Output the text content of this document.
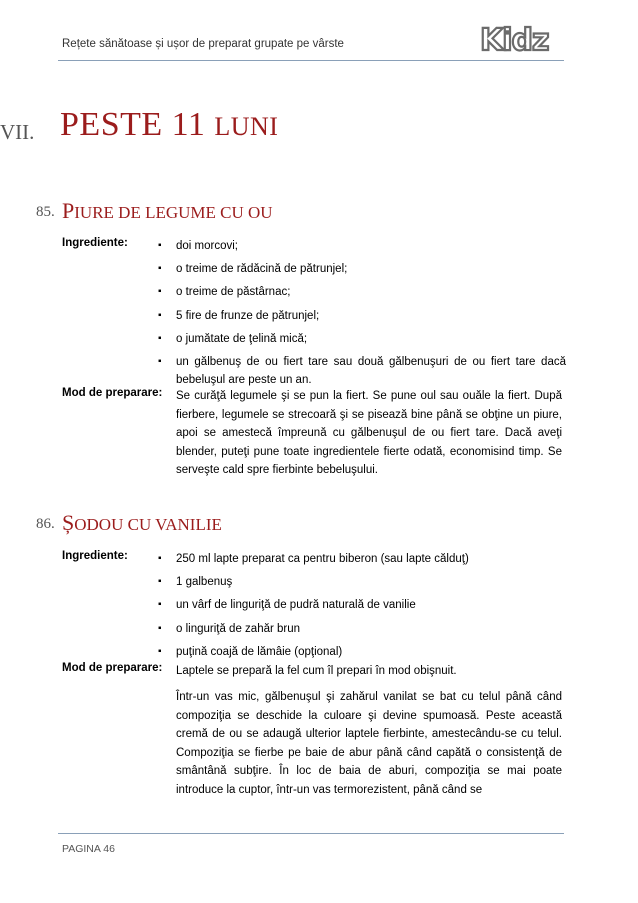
Rețete sănătoase și ușor de preparat grupate pe vârste	Kidz
VII. PESTE 11 LUNI
85. PIURE DE LEGUME CU OU
Ingrediente:	▪ doi morcovi;
▪ o treime de rădăcină de pătrunjel;
▪ o treime de păstârnac;
▪ 5 fire de frunze de pătrunjel;
▪ o jumătate de ţelină mică;
▪ un gălbenuş de ou fiert tare sau două gălbenuşuri de ou fiert tare dacă bebeluşul are peste un an.
Mod de preparare: Se curăţă legumele şi se pun la fiert. Se pune oul sau ouăle la fiert. După fierbere, legumele se strecoară şi se pisează bine până se obţine un piure, apoi se amestecă împreună cu gălbenuşul de ou fiert tare. Dacă aveţi blender, puteţi pune toate ingredientele fierte odată, economisind timp. Se serveşte cald spre fierbinte bebeluşului.
86. ȘODOU CU VANILIE
Ingrediente:	▪ 250 ml lapte preparat ca pentru biberon (sau lapte călduţ)
▪ 1 galbenuş
▪ un vârf de linguriţă de pudră naturală de vanilie
▪ o linguriţă de zahăr brun
▪ puţină coajă de lămâie (opţional)
Mod de preparare: Laptele se prepară la fel cum îl prepari în mod obişnuit.
Într-un vas mic, gălbenuşul şi zahărul vanilat se bat cu telul până când compoziţia se deschide la culoare şi devine spumoasă. Peste această cremă de ou se adaugă ulterior laptele fierbinte, amestecându-se cu telul. Compoziţia se fierbe pe baie de abur până când capătă o consistenţă de smântână subţire. În loc de baia de aburi, compoziţia se mai poate introduce la cuptor, într-un vas termorezistent, până când se
PAGINA 46
